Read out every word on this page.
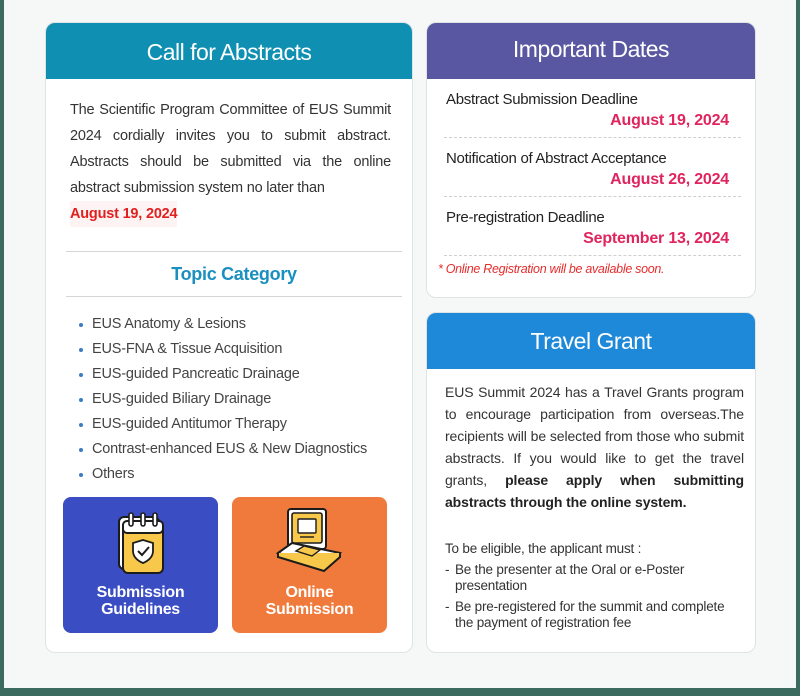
Call for Abstracts
The Scientific Program Committee of EUS Summit 2024 cordially invites you to submit abstract. Abstracts should be submitted via the online abstract submission system no later than
August 19, 2024
Topic Category
EUS Anatomy & Lesions
EUS-FNA & Tissue Acquisition
EUS-guided Pancreatic Drainage
EUS-guided Biliary Drainage
EUS-guided Antitumor Therapy
Contrast-enhanced EUS & New Diagnostics
Others
Submission
Guidelines
Online
Submission
Important Dates
Abstract Submission Deadline
August 19, 2024
Notification of Abstract Acceptance
August 26, 2024
Pre-registration Deadline
September 13, 2024
* Online Registration will be available soon.
Travel Grant
EUS Summit 2024 has a Travel Grants program to encourage participation from overseas.The recipients will be selected from those who submit abstracts. If you would like to get the travel grants, please apply when submitting abstracts through the online system.
To be eligible, the applicant must :
- Be the presenter at the Oral or e-Poster presentation
- Be pre-registered for the summit and complete the payment of registration fee
